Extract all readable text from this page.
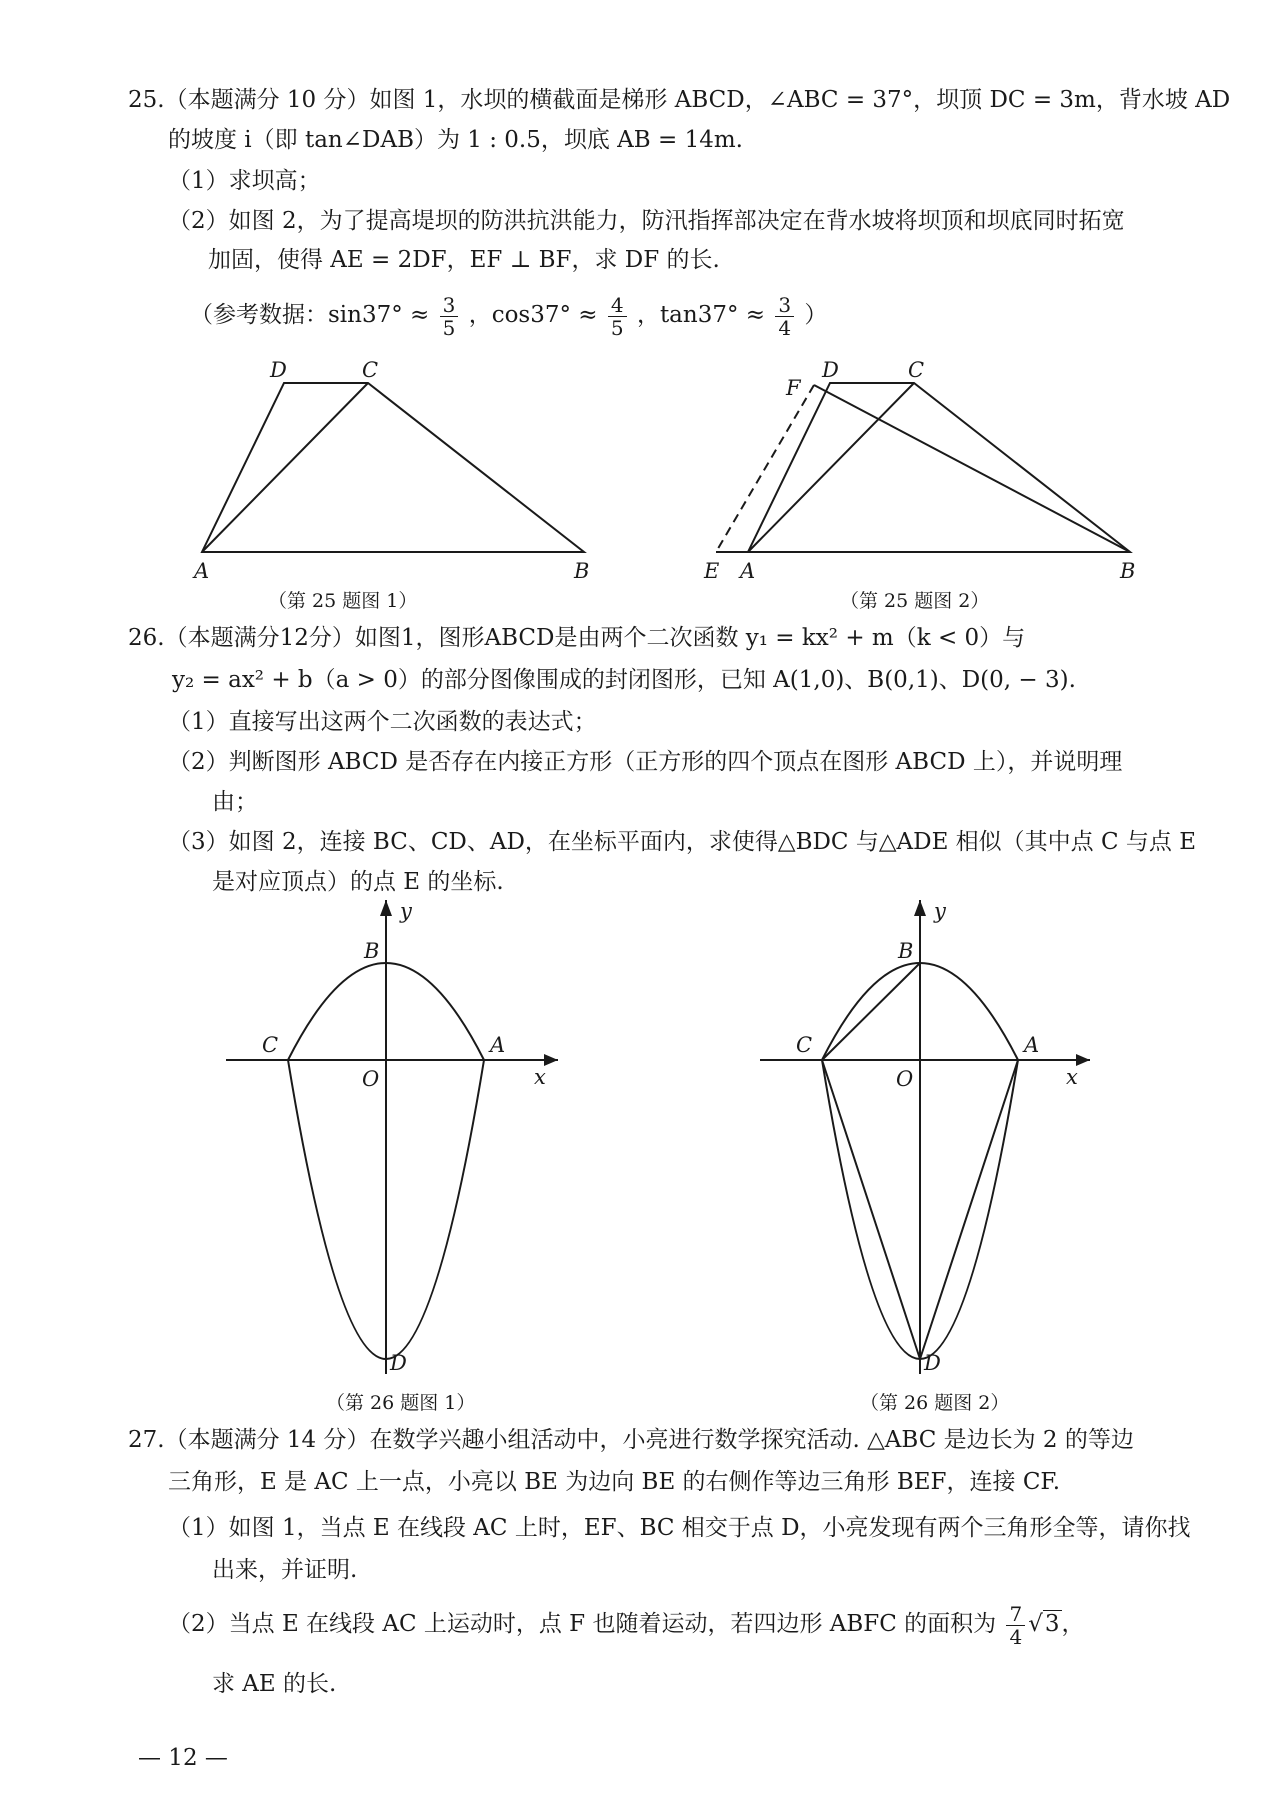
25.（本题满分 10 分）如图 1，水坝的横截面是梯形 ABCD，∠ABC = 37°，坝顶 DC = 3m，背水坡 AD
的坡度 i（即 tan∠DAB）为 1 : 0.5，坝底 AB = 14m.
（1）求坝高；
（2）如图 2，为了提高堤坝的防洪抗洪能力，防汛指挥部决定在背水坡将坝顶和坝底同时拓宽
加固，使得 AE = 2DF，EF ⊥ BF，求 DF 的长.
（参考数据：$\sin 37^\circ \approx \frac{3}{5}$ ，$\cos 37^\circ \approx \frac{4}{5}$ ，$\tan 37^\circ \approx \frac{3}{4}$ ）
D	C
A	B
F
D	C
E A	B
（第 25 题图 1）	（第 25 题图 2）
26.（本题满分12分）如图1，图形ABCD是由两个二次函数 y₁ = kx² + m（k < 0）与
y₂ = ax² + b（a > 0）的部分图像围成的封闭图形，已知 A(1,0)、B(0,1)、D(0, − 3).
（1）直接写出这两个二次函数的表达式；
（2）判断图形 ABCD 是否存在内接正方形（正方形的四个顶点在图形 ABCD 上），并说明理
由；
（3）如图 2，连接 BC、CD、AD，在坐标平面内，求使得△BDC 与△ADE 相似（其中点 C 与点 E
是对应顶点）的点 E 的坐标.
y
B
C	A
O	x
D
y
B
C	A
O	x
D
（第 26 题图 1）	（第 26 题图 2）
27.（本题满分 14 分）在数学兴趣小组活动中，小亮进行数学探究活动. △ABC 是边长为 2 的等边
三角形，E 是 AC 上一点，小亮以 BE 为边向 BE 的右侧作等边三角形 BEF，连接 CF.
（1）如图 1，当点 E 在线段 AC 上时，EF、BC 相交于点 D，小亮发现有两个三角形全等，请你找
出来，并证明.
（2）当点 E 在线段 AC 上运动时，点 F 也随着运动，若四边形 ABFC 的面积为 $\frac{7}{4} √3$，
求 AE 的长.
— 12 —
